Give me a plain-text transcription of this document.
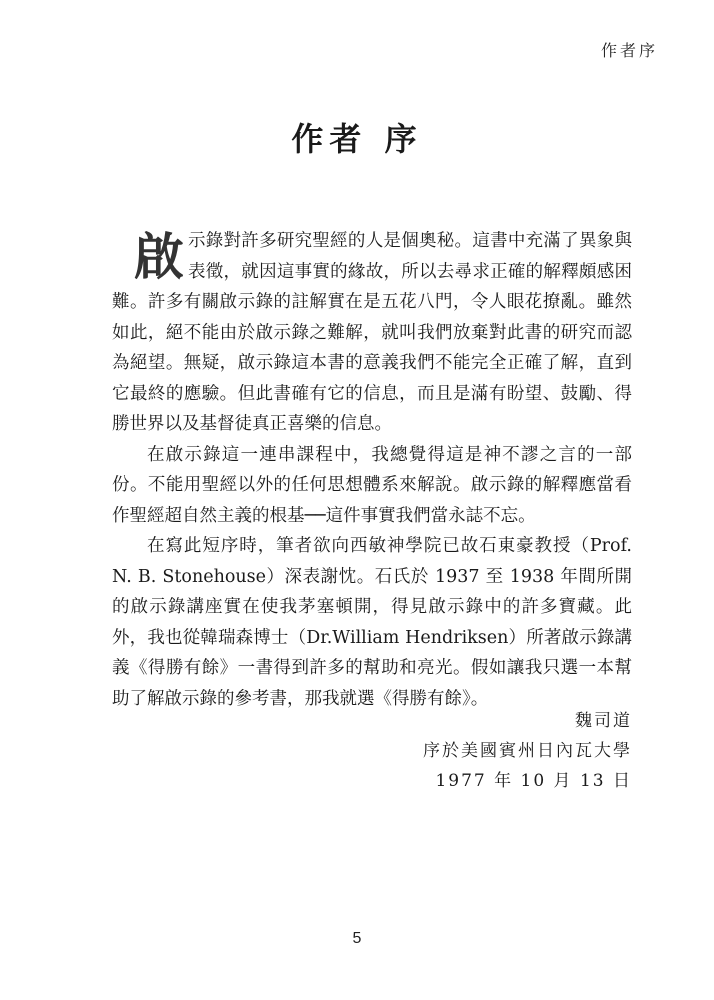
作者序
作者 序

啟示錄對許多研究聖經的人是個奧秘。這書中充滿了異象與表徵，就因這事實的緣故，所以去尋求正確的解釋頗感困難。許多有關啟示錄的註解實在是五花八門，令人眼花撩亂。雖然如此，絕不能由於啟示錄之難解，就叫我們放棄對此書的研究而認為絕望。無疑，啟示錄這本書的意義我們不能完全正確了解，直到它最終的應驗。但此書確有它的信息，而且是滿有盼望、鼓勵、得勝世界以及基督徒真正喜樂的信息。

在啟示錄這一連串課程中，我總覺得這是神不謬之言的一部份。不能用聖經以外的任何思想體系來解說。啟示錄的解釋應當看作聖經超自然主義的根基──這件事實我們當永誌不忘。

在寫此短序時，筆者欲向西敏神學院已故石東豪教授（Prof. N. B. Stonehouse）深表謝忱。石氏於 1937 至 1938 年間所開的啟示錄講座實在使我茅塞頓開，得見啟示錄中的許多寶藏。此外，我也從韓瑞森博士（Dr.William Hendriksen）所著啟示錄講義《得勝有餘》一書得到許多的幫助和亮光。假如讓我只選一本幫助了解啟示錄的參考書，那我就選《得勝有餘》。

魏司道
序於美國賓州日內瓦大學
1977 年 10 月 13 日
5
